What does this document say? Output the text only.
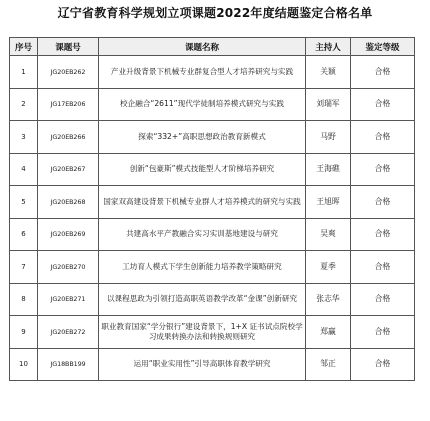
辽宁省教育科学规划立项课题2022年度结题鉴定合格名单
序号	课题号	课题名称	主持人	鉴定等级
1	JG20EB262	产业升级背景下机械专业群复合型人才培养研究与实践	关颖	合格
2	JG17EB206	校企融合“2611”现代学徒制培养模式研究与实践	刘瑞军	合格
3	JG20EB266	探索“332+”高职思想政治教育新模式	马野	合格
4	JG20EB267	创新“包豪斯”模式技能型人才阶梯培养研究	王海礁	合格
5	JG20EB268	国家双高建设背景下机械专业群人才培养模式的研究与实践	王旭晖	合格
6	JG20EB269	共建高水平产教融合实习实训基地建设与研究	吴爽	合格
7	JG20EB270	工坊育人模式下学生创新能力培养教学策略研究	夏季	合格
8	JG20EB271	以课程思政为引领打造高职英语教学改革“金课”创新研究	张志华	合格
9	JG20EB272	职业教育国家“学分银行”建设背景下，1+X 证书试点院校学习成果转换办法和转换规则研究	郑赢	合格
10	JG18BB199	运用“职业实用性”引导高职体育教学研究	邹正	合格
